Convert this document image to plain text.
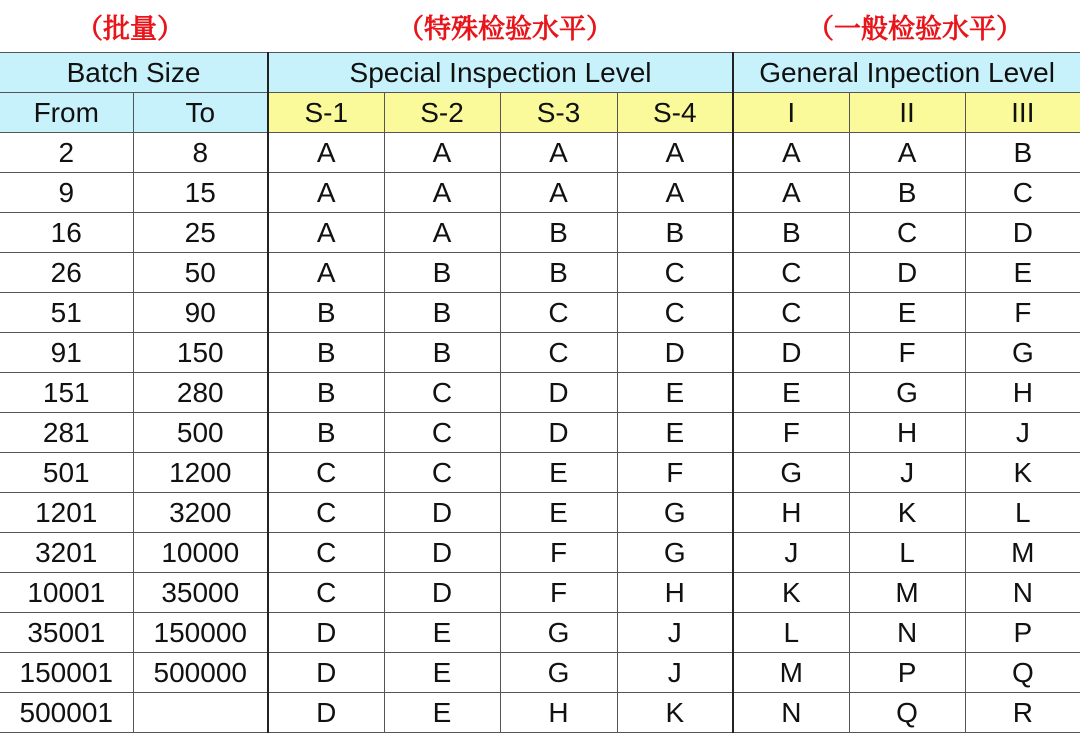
（批量）	（特殊检验水平）	（一般检验水平）
Batch Size		Special Inspection Level				General Inpection Level		
From	To	S-1	S-2	S-3	S-4	I	II	III
2	8	A	A	A	A	A	A	B
9	15	A	A	A	A	A	B	C
16	25	A	A	B	B	B	C	D
26	50	A	B	B	C	C	D	E
51	90	B	B	C	C	C	E	F
91	150	B	B	C	D	D	F	G
151	280	B	C	D	E	E	G	H
281	500	B	C	D	E	F	H	J
501	1200	C	C	E	F	G	J	K
1201	3200	C	D	E	G	H	K	L
3201	10000	C	D	F	G	J	L	M
10001	35000	C	D	F	H	K	M	N
35001	150000	D	E	G	J	L	N	P
150001	500000	D	E	G	J	M	P	Q
500001		D	E	H	K	N	Q	R
